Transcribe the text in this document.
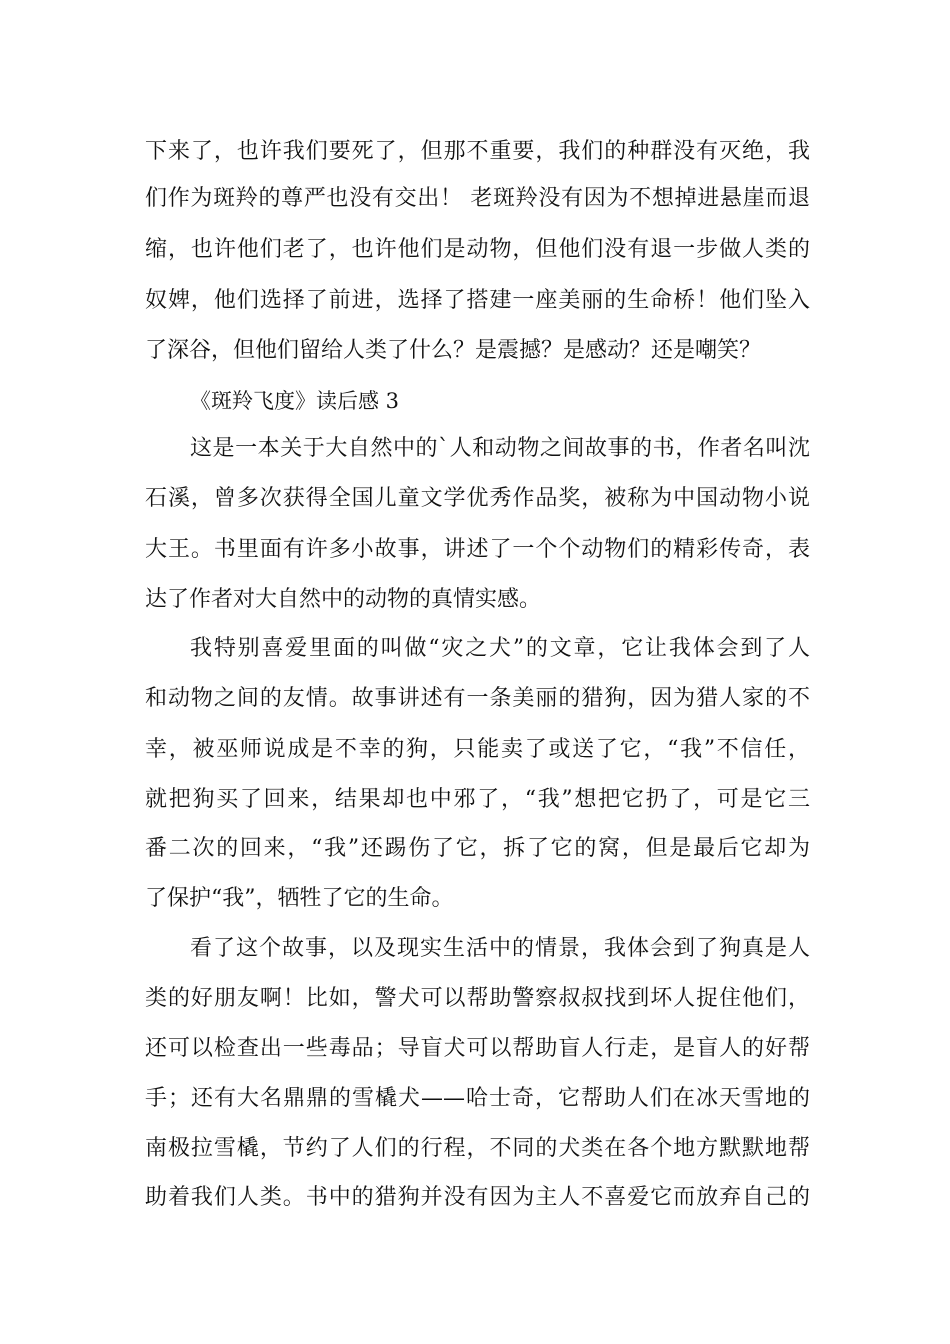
下来了，也许我们要死了，但那不重要，我们的种群没有灭绝，我
们作为斑羚的尊严也没有交出！ 老斑羚没有因为不想掉进悬崖而退
缩，也许他们老了，也许他们是动物，但他们没有退一步做人类的
奴婢，他们选择了前进，选择了搭建一座美丽的生命桥！他们坠入
了深谷，但他们留给人类了什么？是震撼？是感动？还是嘲笑？
《斑羚飞度》读后感 3
这是一本关于大自然中的`人和动物之间故事的书，作者名叫沈
石溪，曾多次获得全国儿童文学优秀作品奖，被称为中国动物小说
大王。书里面有许多小故事，讲述了一个个动物们的精彩传奇，表
达了作者对大自然中的动物的真情实感。
我特别喜爱里面的叫做“灾之犬”的文章，它让我体会到了人
和动物之间的友情。故事讲述有一条美丽的猎狗，因为猎人家的不
幸，被巫师说成是不幸的狗，只能卖了或送了它，“我”不信任，
就把狗买了回来，结果却也中邪了，“我”想把它扔了，可是它三
番二次的回来，“我”还踢伤了它，拆了它的窝，但是最后它却为
了保护“我”，牺牲了它的生命。
看了这个故事，以及现实生活中的情景，我体会到了狗真是人
类的好朋友啊！比如，警犬可以帮助警察叔叔找到坏人捉住他们，
还可以检查出一些毒品；导盲犬可以帮助盲人行走，是盲人的好帮
手；还有大名鼎鼎的雪橇犬——哈士奇，它帮助人们在冰天雪地的
南极拉雪橇，节约了人们的行程，不同的犬类在各个地方默默地帮
助着我们人类。书中的猎狗并没有因为主人不喜爱它而放弃自己的
